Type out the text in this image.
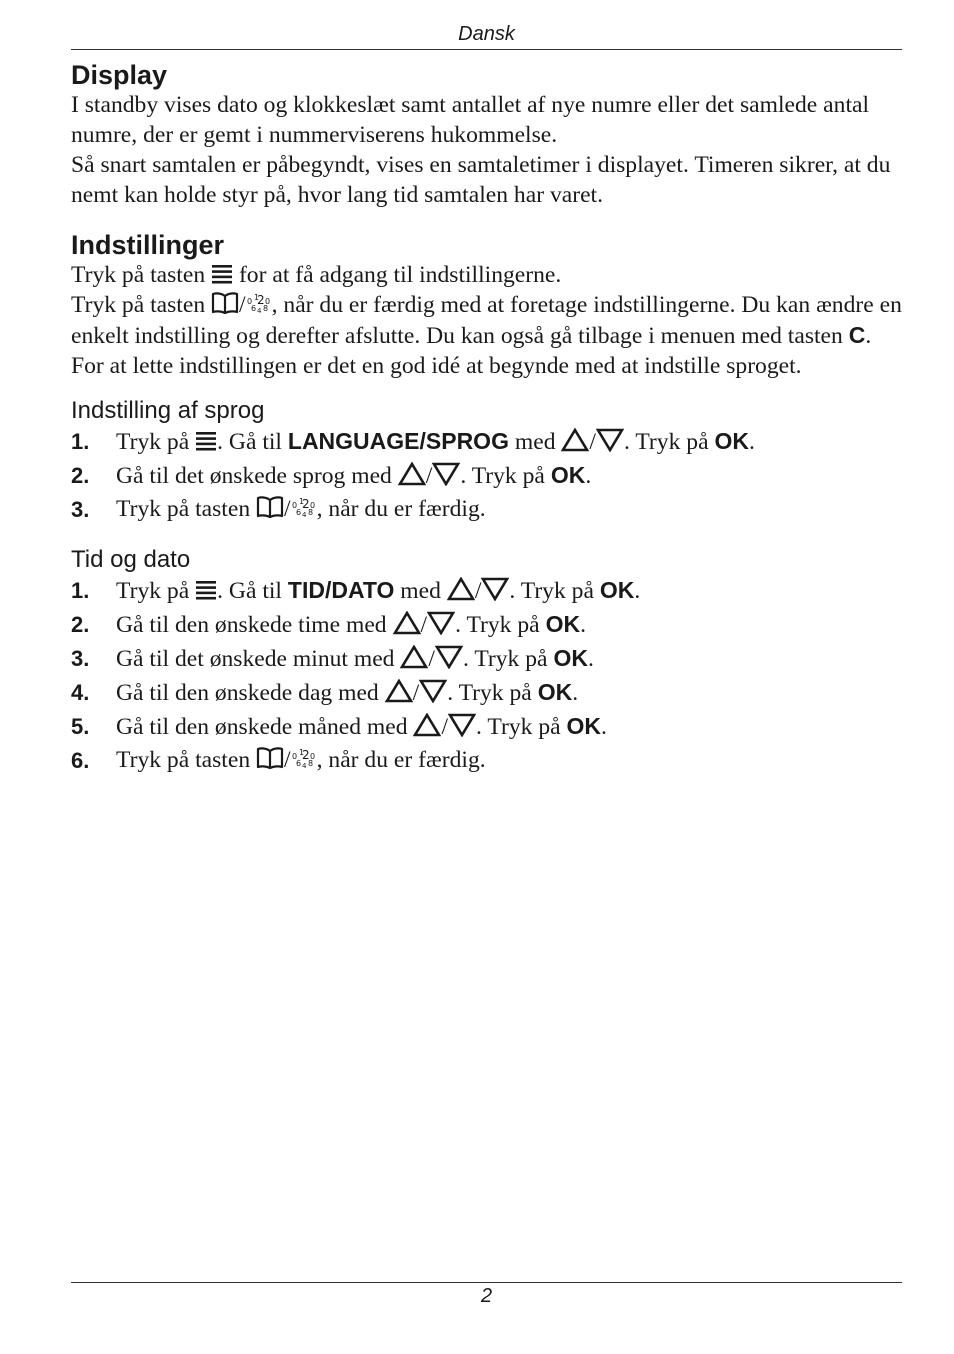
Dansk
Display

I standby vises dato og klokkeslæt samt antallet af nye numre eller det samlede antal numre, der er gemt i nummerviserens hukommelse.

Så snart samtalen er påbegyndt, vises en samtaletimer i displayet. Timeren sikrer, at du nemt kan holde styr på, hvor lang tid samtalen har varet.

Indstillinger

Tryk på tasten for at få adgang til indstillingerne.

Tryk på tasten / , når du er færdig med at foretage indstillingerne. Du kan ændre en enkelt indstilling og derefter afslutte. Du kan også gå tilbage i menuen med tasten C. For at lette indstillingen er det en god idé at begynde med at indstille sproget.

Indstilling af sprog
1. Tryk på . Gå til LANGUAGE/SPROG med / . Tryk på OK.
2. Gå til det ønskede sprog med / . Tryk på OK.
3. Tryk på tasten / , når du er færdig.
Tid og dato
1. Tryk på . Gå til TID/DATO med / . Tryk på OK.
2. Gå til den ønskede time med / . Tryk på OK.
3. Gå til det ønskede minut med / . Tryk på OK.
4. Gå til den ønskede dag med / . Tryk på OK.
5. Gå til den ønskede måned med / . Tryk på OK.
6. Tryk på tasten / , når du er færdig.
2
